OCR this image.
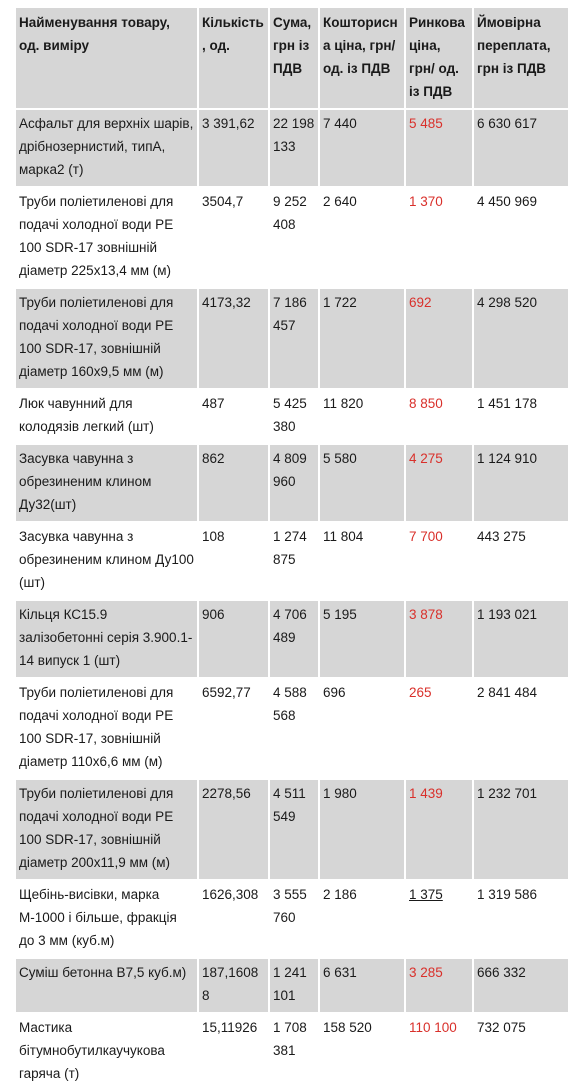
Найменування товару, од. виміру	Кількість, од.	Сума, грн із ПДВ	Кошторисна ціна, грн/од. із ПДВ	Ринкова ціна, грн/ од. із ПДВ	Ймовірна переплата, грн із ПДВ

Асфальт для верхніх шарів, дрібнозернистий, типА, марка2 (т)	3 391,62	22 198 133	7 440	5 485	6 630 617

Труби поліетиленові для подачі холодної води PE 100 SDR-17 зовнішній діаметр 225х13,4 мм (м)	3504,7	9 252 408	2 640	1 370	4 450 969

Труби поліетиленові для подачі холодної води PE 100 SDR-17, зовнішній діаметр 160х9,5 мм (м)	4173,32	7 186 457	1 722	692	4 298 520

Люк чавунний для колодязів легкий (шт)	487	5 425 380	11 820	8 850	1 451 178

Засувка чавунна з обрезиненим клином Ду32(шт)	862	4 809 960	5 580	4 275	1 124 910

Засувка чавунна з обрезиненим клином Ду100 (шт)	108	1 274 875	11 804	7 700	443 275

Кільця КС15.9 залізобетонні серія 3.900.1-14 випуск 1 (шт)	906	4 706 489	5 195	3 878	1 193 021

Труби поліетиленові для подачі холодної води PE 100 SDR-17, зовнішній діаметр 110х6,6 мм (м)	6592,77	4 588 568	696	265	2 841 484

Труби поліетиленові для подачі холодної води PE 100 SDR-17, зовнішній діаметр 200х11,9 мм (м)	2278,56	4 511 549	1 980	1 439	1 232 701

Щебінь-висівки, марка М-1000 і більше, фракція до 3 мм (куб.м)	1626,308	3 555 760	2 186	1 375	1 319 586

Суміш бетонна В7,5 куб.м)	187,16088	1 241 101	6 631	3 285	666 332

Мастика бітумнобутилкаучукова гаряча (т)	15,11926	1 708 381	158 520	110 100	732 075
